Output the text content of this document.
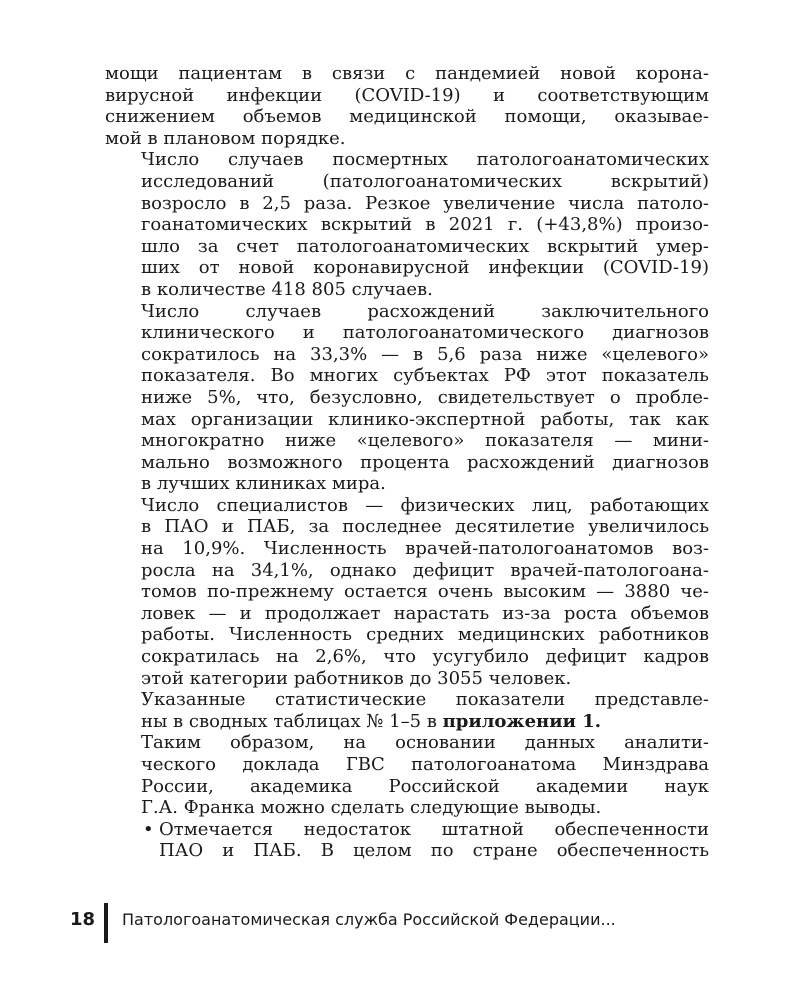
мощи пациентам в связи с пандемией новой корона-
вирусной инфекции (COVID-19) и соответствующим
снижением объемов медицинской помощи, оказывае-
мой в плановом порядке.

Число случаев посмертных патологоанатомических
исследований (патологоанатомических вскрытий)
возросло в 2,5 раза. Резкое увеличение числа патоло-
гоанатомических вскрытий в 2021 г. (+43,8%) произо-
шло за счет патологоанатомических вскрытий умер-
ших от новой коронавирусной инфекции (COVID-19)
в количестве 418 805 случаев.

Число случаев расхождений заключительного
клинического и патологоанатомического диагнозов
сократилось на 33,3% — в 5,6 раза ниже «целевого»
показателя. Во многих субъектах РФ этот показатель
ниже 5%, что, безусловно, свидетельствует о пробле-
мах организации клинико-экспертной работы, так как
многократно ниже «целевого» показателя — мини-
мально возможного процента расхождений диагнозов
в лучших клиниках мира.

Число специалистов — физических лиц, работающих
в ПАО и ПАБ, за последнее десятилетие увеличилось
на 10,9%. Численность врачей-патологоанатомов воз-
росла на 34,1%, однако дефицит врачей-патологоана-
томов по-прежнему остается очень высоким — 3880 че-
ловек — и продолжает нарастать из-за роста объемов
работы. Численность средних медицинских работников
сократилась на 2,6%, что усугубило дефицит кадров
этой категории работников до 3055 человек.

Указанные статистические показатели представле-
ны в сводных таблицах № 1–5 в приложении 1.

Таким образом, на основании данных аналити-
ческого доклада ГВС патологоанатома Минздрава
России, академика Российской академии наук
Г.А. Франка можно сделать следующие выводы.

• Отмечается недостаток штатной обеспеченности
ПАО и ПАБ. В целом по стране обеспеченность
18 Патологоанатомическая служба Российской Федерации...
